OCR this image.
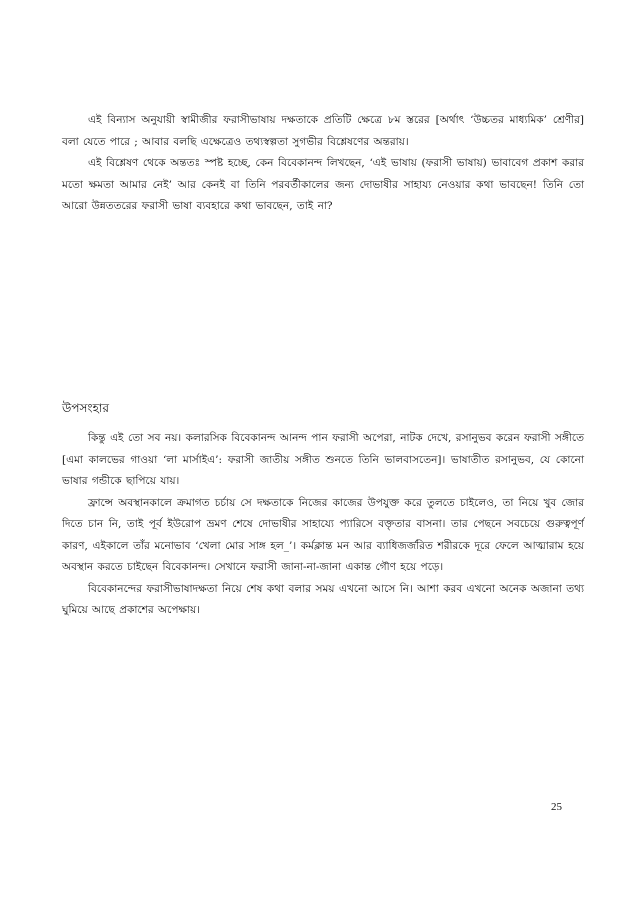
এই বিন্যাস অনুযায়ী স্বামীজীর ফরাসীভাষায় দক্ষতাকে প্রতিটি ক্ষেত্রে ৮ম স্তরের [অর্থাৎ ‘উচ্চতর মাধ্যমিক’ শ্রেণীর] বলা যেতে পারে ; আবার বলছি এক্ষেত্রেও তথ্যস্বল্পতা সুগভীর বিশ্লেষণের অন্তরায়।

এই বিশ্লেষণ থেকে অন্ততঃ স্পষ্ট হচ্ছে, কেন বিবেকানন্দ লিখছেন, ‘এই ভাষায় (ফরাসী ভাষায়) ভাবাবেগ প্রকাশ করার মতো ক্ষমতা আমার নেই’ আর কেনই বা তিনি পরবর্তীকালের জন্য দোভাষীর সাহায্য নেওয়ার কথা ভাবছেন! তিনি তো আরো উন্নততরের ফরাসী ভাষা ব্যবহারে কথা ভাবছেন, তাই না?

উপসংহার

কিন্তু এই তো সব নয়। কলারসিক বিবেকানন্দ আনন্দ পান ফরাসী অপেরা, নাটক দেখে, রসানুভব করেন ফরাসী সঙ্গীতে [এমা কালভের গাওয়া ‘লা মার্সাইএ’: ফরাসী জাতীয় সঙ্গীত শুনতে তিনি ভালবাসতেন]। ভাষাতীত রসানুভব, যে কোনো ভাষার গন্ডীকে ছাপিয়ে যায়।

ফ্রান্সে অবস্থানকালে ক্রমাগত চর্চায় সে দক্ষতাকে নিজের কাজের উপযুক্ত করে তুলতে চাইলেও, তা নিয়ে খুব জোর দিতে চান নি, তাই পূর্ব ইউরোপ ভ্রমণ শেষে দোভাষীর সাহায্যে প্যারিসে বক্তৃতার বাসনা। তার পেছনে সবচেয়ে গুরুত্বপূর্ণ কারণ, এইকালে তাঁর মনোভাব ‘খেলা মোর সাঙ্গ হল_’। কর্মক্লান্ত মন আর ব্যাধিজর্জরিত শরীরকে দূরে ফেলে আত্মারাম হয়ে অবস্থান করতে চাইছেন বিবেকানন্দ। সেখানে ফরাসী জানা-না-জানা একান্ত গৌণ হয়ে পড়ে।

বিবেকানন্দের ফরাসীভাষাদক্ষতা নিয়ে শেষ কথা বলার সময় এখনো আসে নি। আশা করব এখনো অনেক অজানা তথ্য ঘুমিয়ে আছে প্রকাশের অপেক্ষায়।

25
